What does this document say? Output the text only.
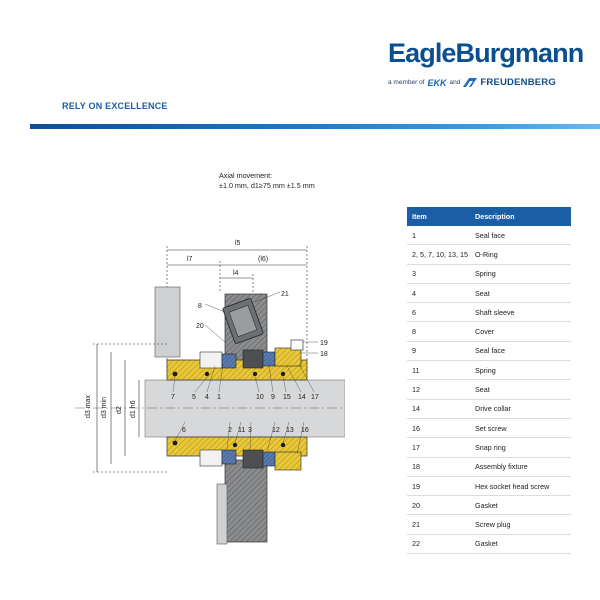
EagleBurgmann
a member of EKK and FREUDENBERG
RELY ON EXCELLENCE
Axial movement:
±1.0 mm, d1≥75 mm ±1.5 mm
l5
l7	(l6)
l4
d3 max d3 min d2 d1 h6
7 5 4 1	10 9 15 14 17
6	2 11 3	12 13 16
8
21
20
19
18
Item	Description
1	Seal face
2, 5, 7, 10, 13, 15	O-Ring
3	Spring
4	Seat
6	Shaft sleeve
8	Cover
9	Seal face
11	Spring
12	Seat
14	Drive collar
16	Set screw
17	Snap ring
18	Assembly fixture
19	Hex socket head screw
20	Gasket
21	Screw plug
22	Gasket
